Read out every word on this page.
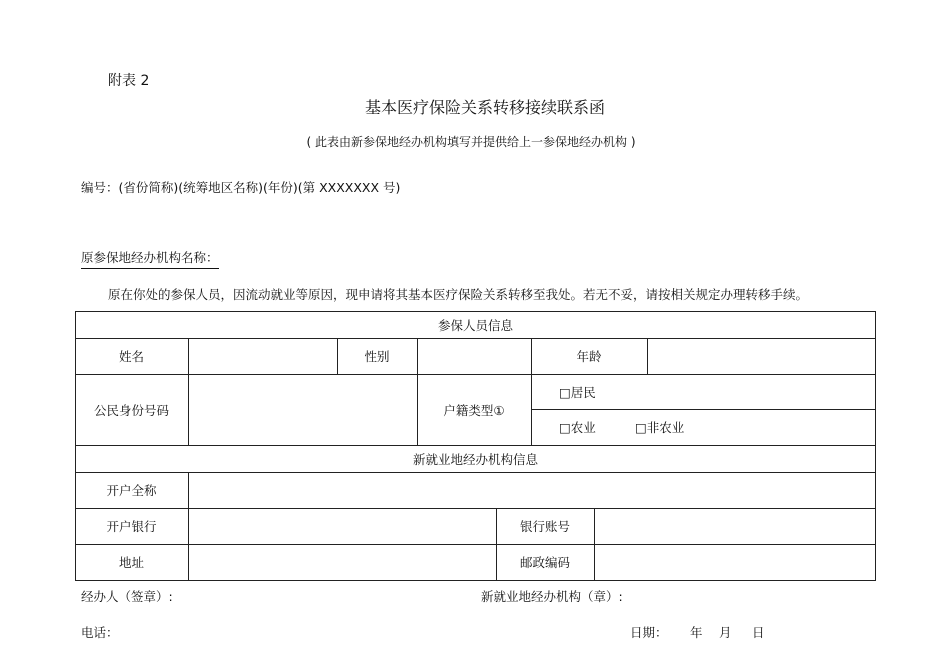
附表 2
基本医疗保险关系转移接续联系函
( 此表由新参保地经办机构填写并提供给上一参保地经办机构 )
编号：(省份简称)(统筹地区名称)(年份)(第 XXXXXXX 号)
原参保地经办机构名称：
原在你处的参保人员，因流动就业等原因，现申请将其基本医疗保险关系转移至我处。若无不妥，请按相关规定办理转移手续。
参保人员信息
姓名	性别	年龄
公民身份号码	户籍类型①
□居民
□农业	□非农业
新就业地经办机构信息
开户全称
开户银行	银行账号
地址	邮政编码
经办人（签章）:	新就业地经办机构（章）:
电话：	日期： 年 月 日
